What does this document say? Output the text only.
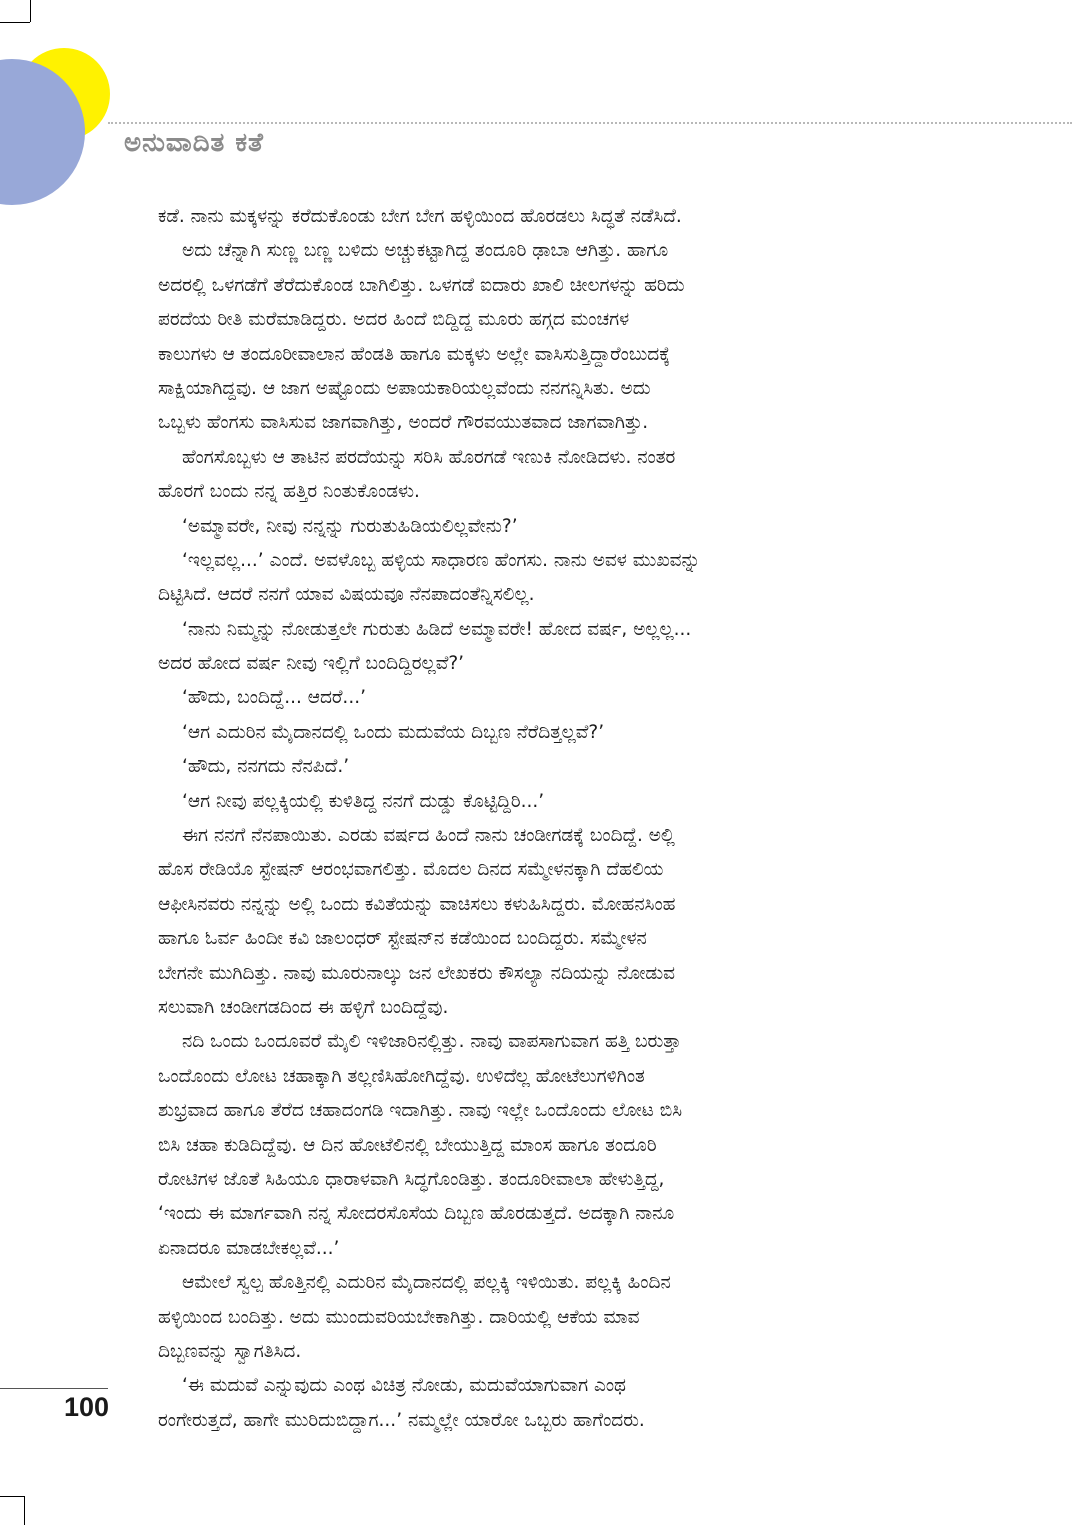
ಅನುವಾದಿತ ಕತೆ
ಕಡೆ. ನಾನು ಮಕ್ಕಳನ್ನು ಕರೆದುಕೊಂಡು ಬೇಗ ಬೇಗ ಹಳ್ಳಿಯಿಂದ ಹೊರಡಲು ಸಿದ್ಧತೆ ನಡೆಸಿದೆ.
ಅದು ಚೆನ್ನಾಗಿ ಸುಣ್ಣ ಬಣ್ಣ ಬಳಿದು ಅಚ್ಚುಕಟ್ಟಾಗಿದ್ದ ತಂದೂರಿ ಢಾಬಾ ಆಗಿತ್ತು. ಹಾಗೂ
ಅದರಲ್ಲಿ ಒಳಗಡೆಗೆ ತೆರೆದುಕೊಂಡ ಬಾಗಿಲಿತ್ತು. ಒಳಗಡೆ ಐದಾರು ಖಾಲಿ ಚೀಲಗಳನ್ನು ಹರಿದು
ಪರದೆಯ ರೀತಿ ಮರೆಮಾಡಿದ್ದರು. ಅದರ ಹಿಂದೆ ಬಿದ್ದಿದ್ದ ಮೂರು ಹಗ್ಗದ ಮಂಚಗಳ
ಕಾಲುಗಳು ಆ ತಂದೂರೀವಾಲಾನ ಹೆಂಡತಿ ಹಾಗೂ ಮಕ್ಕಳು ಅಲ್ಲೇ ವಾಸಿಸುತ್ತಿದ್ದಾರೆಂಬುದಕ್ಕೆ
ಸಾಕ್ಷಿಯಾಗಿದ್ದವು. ಆ ಜಾಗ ಅಷ್ಟೊಂದು ಅಪಾಯಕಾರಿಯಲ್ಲವೆಂದು ನನಗನ್ನಿಸಿತು. ಅದು
ಒಬ್ಬಳು ಹೆಂಗಸು ವಾಸಿಸುವ ಜಾಗವಾಗಿತ್ತು, ಅಂದರೆ ಗೌರವಯುತವಾದ ಜಾಗವಾಗಿತ್ತು.
ಹೆಂಗಸೊಬ್ಬಳು ಆ ತಾಟಿನ ಪರದೆಯನ್ನು ಸರಿಸಿ ಹೊರಗಡೆ ಇಣುಕಿ ನೋಡಿದಳು. ನಂತರ
ಹೊರಗೆ ಬಂದು ನನ್ನ ಹತ್ತಿರ ನಿಂತುಕೊಂಡಳು.
‘ಅಮ್ಮಾವರೇ, ನೀವು ನನ್ನನ್ನು ಗುರುತುಹಿಡಿಯಲಿಲ್ಲವೇನು?’
‘ಇಲ್ಲವಲ್ಲ...’ ಎಂದೆ. ಅವಳೊಬ್ಬ ಹಳ್ಳಿಯ ಸಾಧಾರಣ ಹೆಂಗಸು. ನಾನು ಅವಳ ಮುಖವನ್ನು
ದಿಟ್ಟಿಸಿದೆ. ಆದರೆ ನನಗೆ ಯಾವ ವಿಷಯವೂ ನೆನಪಾದಂತೆನ್ನಿಸಲಿಲ್ಲ.
‘ನಾನು ನಿಮ್ಮನ್ನು ನೋಡುತ್ತಲೇ ಗುರುತು ಹಿಡಿದೆ ಅಮ್ಮಾವರೇ! ಹೋದ ವರ್ಷ, ಅಲ್ಲಲ್ಲ...
ಅದರ ಹೋದ ವರ್ಷ ನೀವು ಇಲ್ಲಿಗೆ ಬಂದಿದ್ದಿರಲ್ಲವೆ?’
‘ಹೌದು, ಬಂದಿದ್ದೆ... ಆದರೆ...’
‘ಆಗ ಎದುರಿನ ಮೈದಾನದಲ್ಲಿ ಒಂದು ಮದುವೆಯ ದಿಬ್ಬಣ ನೆರೆದಿತ್ತಲ್ಲವೆ?’
‘ಹೌದು, ನನಗದು ನೆನಪಿದೆ.’
‘ಆಗ ನೀವು ಪಲ್ಲಕ್ಕಿಯಲ್ಲಿ ಕುಳಿತಿದ್ದ ನನಗೆ ದುಡ್ಡು ಕೊಟ್ಟಿದ್ದಿರಿ...’
ಈಗ ನನಗೆ ನೆನಪಾಯಿತು. ಎರಡು ವರ್ಷದ ಹಿಂದೆ ನಾನು ಚಂಡೀಗಡಕ್ಕೆ ಬಂದಿದ್ದೆ. ಅಲ್ಲಿ
ಹೊಸ ರೇಡಿಯೊ ಸ್ಟೇಷನ್ ಆರಂಭವಾಗಲಿತ್ತು. ಮೊದಲ ದಿನದ ಸಮ್ಮೇಳನಕ್ಕಾಗಿ ದೆಹಲಿಯ
ಆಫೀಸಿನವರು ನನ್ನನ್ನು ಅಲ್ಲಿ ಒಂದು ಕವಿತೆಯನ್ನು ವಾಚಿಸಲು ಕಳುಹಿಸಿದ್ದರು. ಮೋಹನಸಿಂಹ
ಹಾಗೂ ಓರ್ವ ಹಿಂದೀ ಕವಿ ಜಾಲಂಧರ್ ಸ್ಟೇಷನ್‌ನ ಕಡೆಯಿಂದ ಬಂದಿದ್ದರು. ಸಮ್ಮೇಳನ
ಬೇಗನೇ ಮುಗಿದಿತ್ತು. ನಾವು ಮೂರುನಾಲ್ಕು ಜನ ಲೇಖಕರು ಕೌಸಲ್ಯಾ ನದಿಯನ್ನು ನೋಡುವ
ಸಲುವಾಗಿ ಚಂಡೀಗಡದಿಂದ ಈ ಹಳ್ಳಿಗೆ ಬಂದಿದ್ದೆವು.
ನದಿ ಒಂದು ಒಂದೂವರೆ ಮೈಲಿ ಇಳಿಜಾರಿನಲ್ಲಿತ್ತು. ನಾವು ವಾಪಸಾಗುವಾಗ ಹತ್ತಿ ಬರುತ್ತಾ
ಒಂದೊಂದು ಲೋಟ ಚಹಾಕ್ಕಾಗಿ ತಲ್ಲಣಿಸಿಹೋಗಿದ್ದೆವು. ಉಳಿದೆಲ್ಲ ಹೋಟೆಲುಗಳಿಗಿಂತ
ಶುಭ್ರವಾದ ಹಾಗೂ ತೆರೆದ ಚಹಾದಂಗಡಿ ಇದಾಗಿತ್ತು. ನಾವು ಇಲ್ಲೇ ಒಂದೊಂದು ಲೋಟ ಬಿಸಿ
ಬಿಸಿ ಚಹಾ ಕುಡಿದಿದ್ದೆವು. ಆ ದಿನ ಹೋಟೆಲಿನಲ್ಲಿ ಬೇಯುತ್ತಿದ್ದ ಮಾಂಸ ಹಾಗೂ ತಂದೂರಿ
ರೋಟಿಗಳ ಜೊತೆ ಸಿಹಿಯೂ ಧಾರಾಳವಾಗಿ ಸಿದ್ಧಗೊಂಡಿತ್ತು. ತಂದೂರೀವಾಲಾ ಹೇಳುತ್ತಿದ್ದ,
‘ಇಂದು ಈ ಮಾರ್ಗವಾಗಿ ನನ್ನ ಸೋದರಸೊಸೆಯ ದಿಬ್ಬಣ ಹೊರಡುತ್ತದೆ. ಅದಕ್ಕಾಗಿ ನಾನೂ
ಏನಾದರೂ ಮಾಡಬೇಕಲ್ಲವೆ...’
ಆಮೇಲೆ ಸ್ವಲ್ಪ ಹೊತ್ತಿನಲ್ಲಿ ಎದುರಿನ ಮೈದಾನದಲ್ಲಿ ಪಲ್ಲಕ್ಕಿ ಇಳಿಯಿತು. ಪಲ್ಲಕ್ಕಿ ಹಿಂದಿನ
ಹಳ್ಳಿಯಿಂದ ಬಂದಿತ್ತು. ಅದು ಮುಂದುವರಿಯಬೇಕಾಗಿತ್ತು. ದಾರಿಯಲ್ಲಿ ಆಕೆಯ ಮಾವ
ದಿಬ್ಬಣವನ್ನು ಸ್ವಾಗತಿಸಿದ.
‘ಈ ಮದುವೆ ಎನ್ನುವುದು ಎಂಥ ವಿಚಿತ್ರ ನೋಡು, ಮದುವೆಯಾಗುವಾಗ ಎಂಥ
ರಂಗೇರುತ್ತದೆ, ಹಾಗೇ ಮುರಿದುಬಿದ್ದಾಗ...’ ನಮ್ಮಲ್ಲೇ ಯಾರೋ ಒಬ್ಬರು ಹಾಗೆಂದರು.
100
